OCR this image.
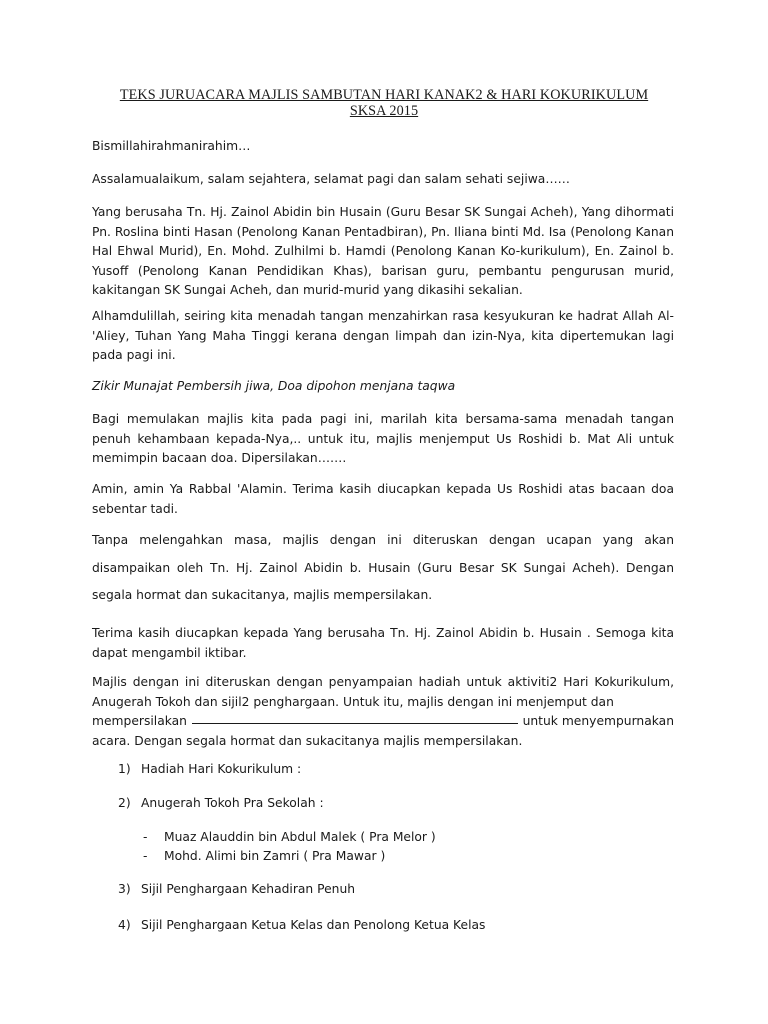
TEKS JURUACARA MAJLIS SAMBUTAN HARI KANAK2 & HARI KOKURIKULUM
SKSA 2015

Bismillahirahmanirahim…

Assalamualaikum, salam sejahtera, selamat pagi dan salam sehati sejiwa……

Yang berusaha Tn. Hj. Zainol Abidin bin Husain (Guru Besar SK Sungai Acheh), Yang dihormati Pn. Roslina binti Hasan (Penolong Kanan Pentadbiran), Pn. Iliana binti Md. Isa (Penolong Kanan Hal Ehwal Murid), En. Mohd. Zulhilmi b. Hamdi (Penolong Kanan Ko-kurikulum), En. Zainol b. Yusoff (Penolong Kanan Pendidikan Khas), barisan guru, pembantu pengurusan murid, kakitangan SK Sungai Acheh, dan murid-murid yang dikasihi sekalian.

Alhamdulillah, seiring kita menadah tangan menzahirkan rasa kesyukuran ke hadrat Allah Al-'Aliey, Tuhan Yang Maha Tinggi kerana dengan limpah dan izin-Nya, kita dipertemukan lagi pada pagi ini.

Zikir Munajat Pembersih jiwa, Doa dipohon menjana taqwa

Bagi memulakan majlis kita pada pagi ini, marilah kita bersama-sama menadah tangan penuh kehambaan kepada-Nya,.. untuk itu, majlis menjemput Us Roshidi b. Mat Ali untuk memimpin bacaan doa. Dipersilakan…….

Amin, amin Ya Rabbal 'Alamin. Terima kasih diucapkan kepada Us Roshidi atas bacaan doa sebentar tadi.

Tanpa melengahkan masa, majlis dengan ini diteruskan dengan ucapan yang akan disampaikan oleh Tn. Hj. Zainol Abidin b. Husain (Guru Besar SK Sungai Acheh). Dengan segala hormat dan sukacitanya, majlis mempersilakan.

Terima kasih diucapkan kepada Yang berusaha Tn. Hj. Zainol Abidin b. Husain . Semoga kita dapat mengambil iktibar.

Majlis dengan ini diteruskan dengan penyampaian hadiah untuk aktiviti2 Hari Kokurikulum, Anugerah Tokoh dan sijil2 penghargaan. Untuk itu, majlis dengan ini menjemput dan
mempersilakan	untuk menyempurnakan
acara. Dengan segala hormat dan sukacitanya majlis mempersilakan.
1) Hadiah Hari Kokurikulum :
2) Anugerah Tokoh Pra Sekolah :
- Muaz Alauddin bin Abdul Malek ( Pra Melor )
- Mohd. Alimi bin Zamri ( Pra Mawar )
3) Sijil Penghargaan Kehadiran Penuh
4) Sijil Penghargaan Ketua Kelas dan Penolong Ketua Kelas
